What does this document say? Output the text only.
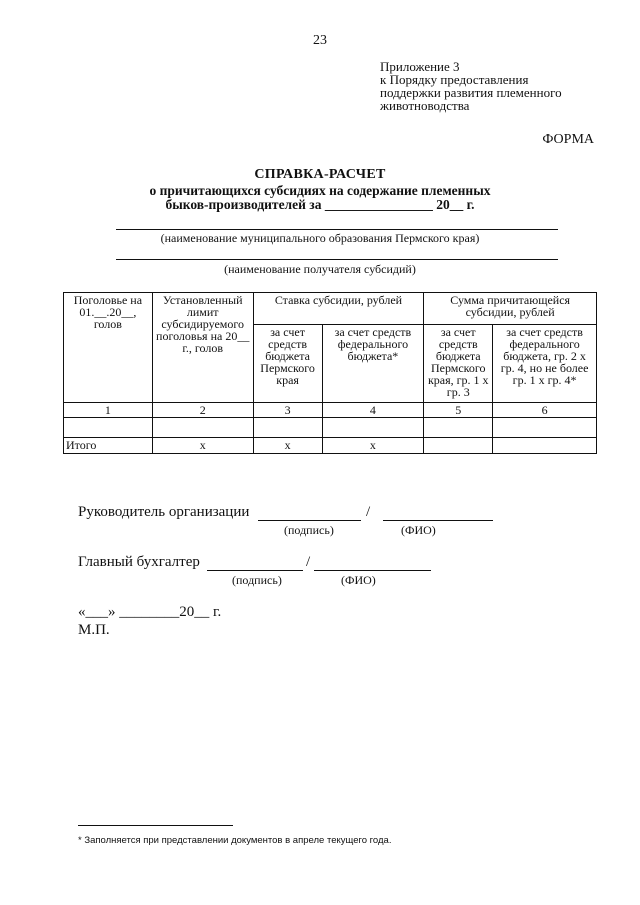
23
Приложение 3
к Порядку предоставления
поддержки развития племенного
животноводства
ФОРМА
СПРАВКА-РАСЧЕТ
о причитающихся субсидиях на содержание племенных
быков-производителей за ________________ 20__ г.
(наименование муниципального образования Пермского края)
(наименование получателя субсидий)
Поголовье на 01.__.20__, голов	Установленный лимит субсидируемого поголовья на 20__ г., голов	Ставка субсидии, рублей		Сумма причитающейся субсидии, рублей	
		за счет средств бюджета Пермского края	за счет средств федерального бюджета*	за счет средств бюджета Пермского края, гр. 1 х гр. 3	за счет средств федерального бюджета, гр. 2 х гр. 4, но не более гр. 1 х гр. 4*
1	2	3	4	5	6

Итого	x	x	x		
Руководитель организации	/
(подпись)	(ФИО)
Главный бухгалтер	/
(подпись)	(ФИО)
«___» ________20__ г.
М.П.
* Заполняется при представлении документов в апреле текущего года.
